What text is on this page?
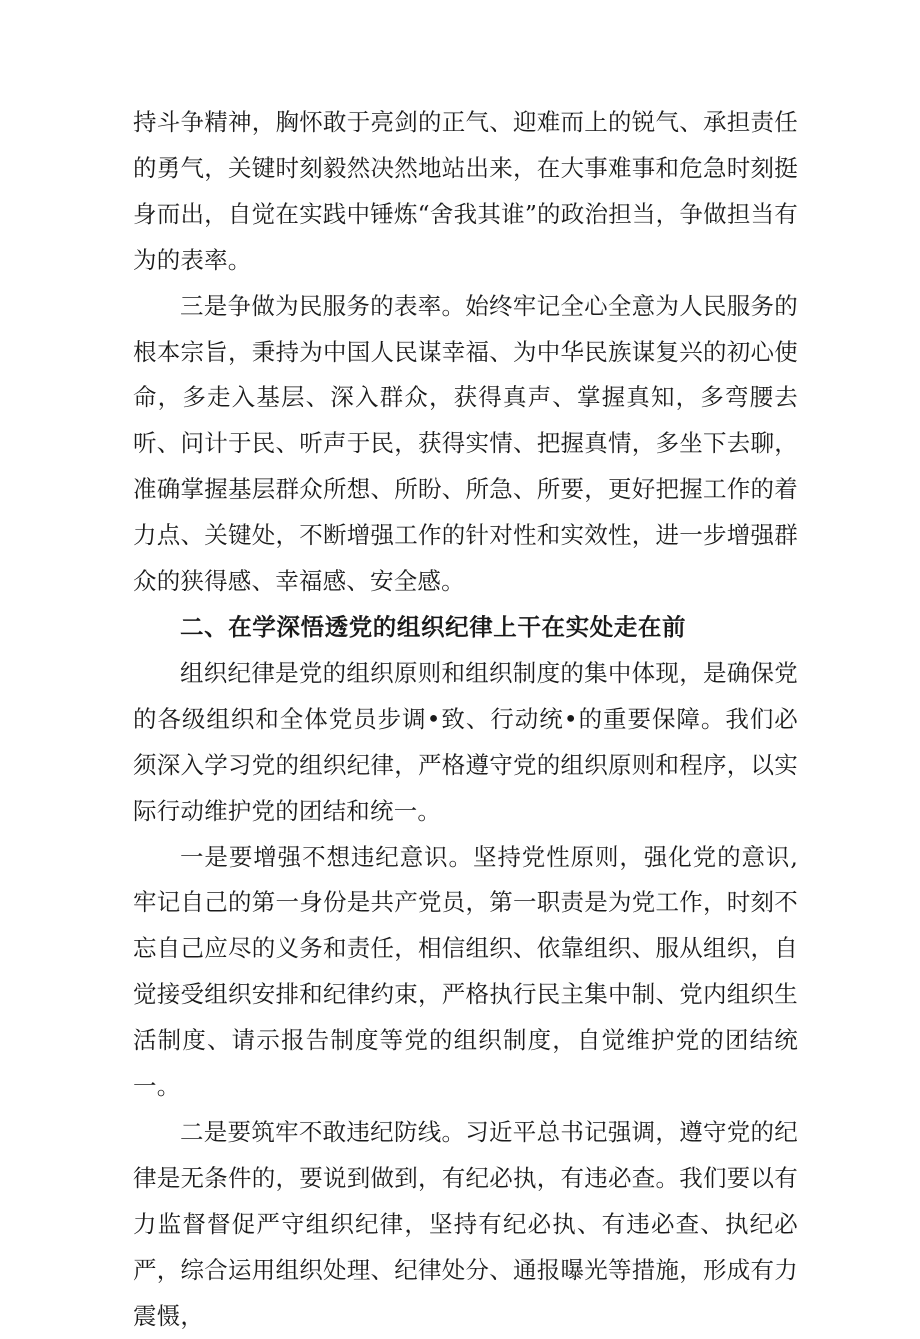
持斗争精神，胸怀敢于亮剑的正气、迎难而上的锐气、承担责任的勇气，关键时刻毅然决然地站出来，在大事难事和危急时刻挺身而出，自觉在实践中锤炼“舍我其谁”的政治担当，争做担当有为的表率。

三是争做为民服务的表率。始终牢记全心全意为人民服务的根本宗旨，秉持为中国人民谋幸福、为中华民族谋复兴的初心使命，多走入基层、深入群众，获得真声、掌握真知，多弯腰去听、问计于民、听声于民，获得实情、把握真情，多坐下去聊，准确掌握基层群众所想、所盼、所急、所要，更好把握工作的着力点、关键处，不断增强工作的针对性和实效性，进一步增强群众的狭得感、幸福感、安全感。

二、在学深悟透党的组织纪律上干在实处走在前

组织纪律是党的组织原则和组织制度的集中体现，是确保党的各级组织和全体党员步调•致、行动统•的重要保障。我们必须深入学习党的组织纪律，严格遵守党的组织原则和程序，以实际行动维护党的团结和统一。

一是要增强不想违纪意识。坚持党性原则，强化党的意识,牢记自己的第一身份是共产党员，第一职责是为党工作，时刻不忘自己应尽的义务和责任，相信组织、依靠组织、服从组织，自觉接受组织安排和纪律约束，严格执行民主集中制、党内组织生活制度、请示报告制度等党的组织制度，自觉维护党的团结统一。

二是要筑牢不敢违纪防线。习近平总书记强调，遵守党的纪律是无条件的，要说到做到，有纪必执，有违必查。我们要以有力监督督促严守组织纪律，坚持有纪必执、有违必查、执纪必严，综合运用组织处理、纪律处分、通报曝光等措施，形成有力震慑，
